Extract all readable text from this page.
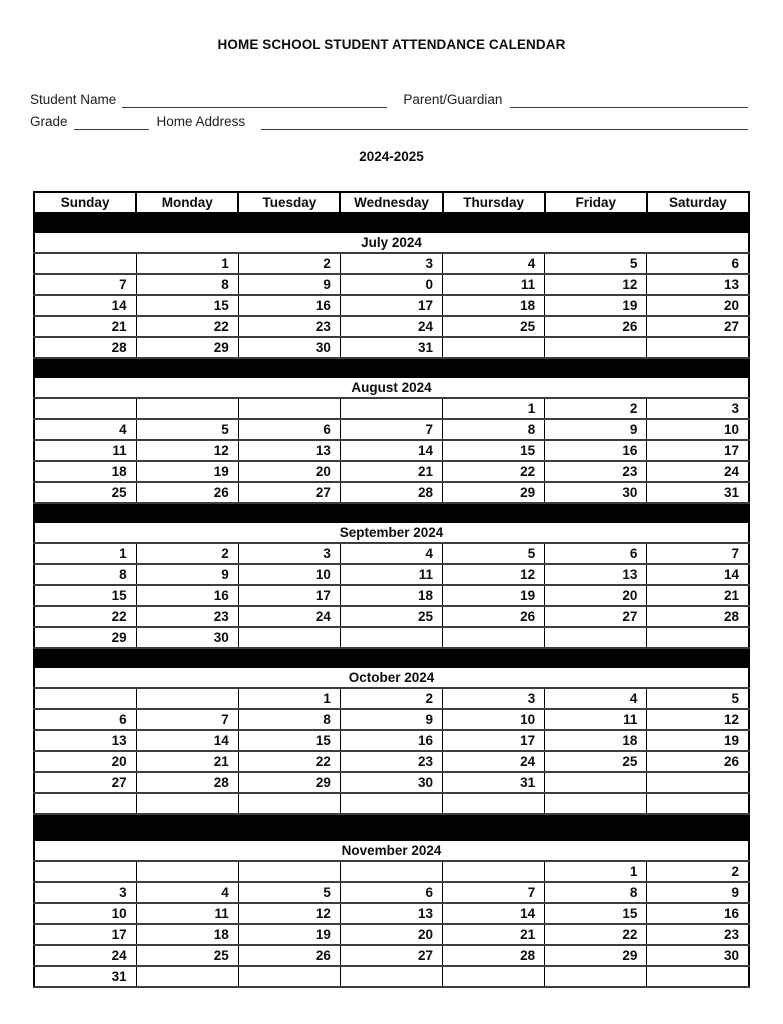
HOME SCHOOL STUDENT ATTENDANCE CALENDAR
Student Name	Parent/Guardian
Grade	Home Address
2024-2025
Sunday	Monday	Tuesday	Wednesday	Thursday	Friday	Saturday

July 2024						
	1	2	3	4	5	6
7	8	9	0	11	12	13
14	15	16	17	18	19	20
21	22	23	24	25	26	27
28	29	30	31			

August 2024						
				1	2	3
4	5	6	7	8	9	10
11	12	13	14	15	16	17
18	19	20	21	22	23	24
25	26	27	28	29	30	31

September 2024						
1	2	3	4	5	6	7
8	9	10	11	12	13	14
15	16	17	18	19	20	21
22	23	24	25	26	27	28
29	30					

October 2024						
		1	2	3	4	5
6	7	8	9	10	11	12
13	14	15	16	17	18	19
20	21	22	23	24	25	26
27	28	29	30	31		

November 2024						
					1	2
3	4	5	6	7	8	9
10	11	12	13	14	15	16
17	18	19	20	21	22	23
24	25	26	27	28	29	30
31						
